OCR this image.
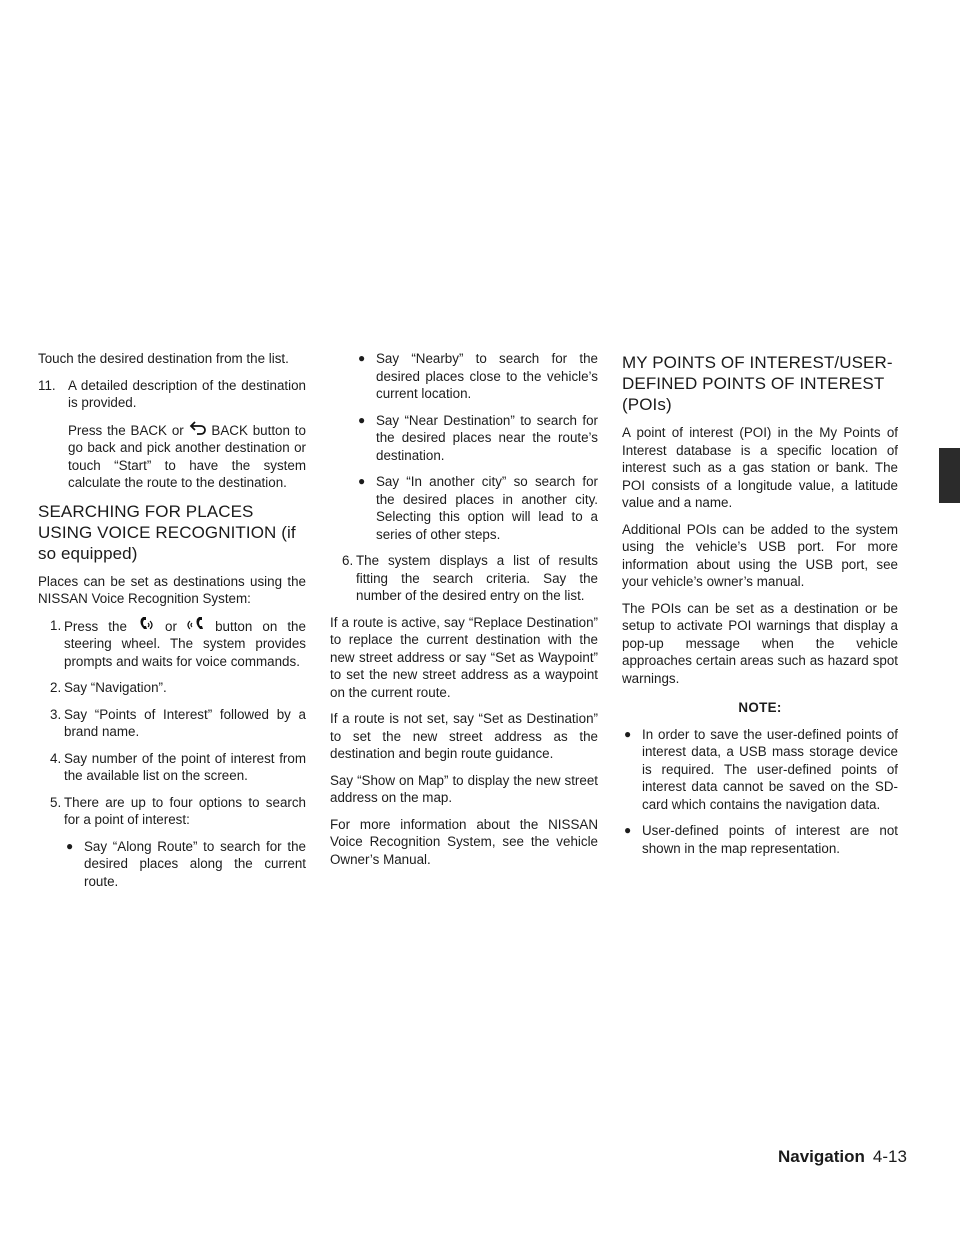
Touch the desired destination from the list.

11. A detailed description of the destination is provided.

Press the BACK or BACK button to go back and pick another destination or touch “Start” to have the system calculate the route to the destination.

SEARCHING FOR PLACES USING VOICE RECOGNITION (if so equipped)

Places can be set as destinations using the NISSAN Voice Recognition System:

1. Press the	or	button on the steering wheel. The system provides prompts and waits for voice commands.
2. Say “Navigation”.
3. Say “Points of Interest” followed by a brand name.
4. Say number of the point of interest from the available list on the screen.
5. There are up to four options to search for a point of interest:
● Say “Along Route” to search for the desired places along the current route.
● Say “Nearby” to search for the desired places close to the vehicle’s current location.
● Say “Near Destination” to search for the desired places near the route’s destination.
● Say “In another city” so search for the desired places in another city. Selecting this option will lead to a series of other steps.
6. The system displays a list of results fitting the search criteria. Say the number of the desired entry on the list.

If a route is active, say “Replace Destination” to replace the current destination with the new street address or say “Set as Waypoint” to set the new street address as a waypoint on the current route.

If a route is not set, say “Set as Destination” to set the new street address as the destination and begin route guidance.

Say “Show on Map” to display the new street address on the map.

For more information about the NISSAN Voice Recognition System, see the vehicle Owner’s Manual.

MY POINTS OF INTEREST/USER-DEFINED POINTS OF INTEREST (POIs)

A point of interest (POI) in the My Points of Interest database is a specific location of interest such as a gas station or bank. The POI consists of a longitude value, a latitude value and a name.

Additional POIs can be added to the system using the vehicle’s USB port. For more information about using the USB port, see your vehicle’s owner’s manual.

The POIs can be set as a destination or be setup to activate POI warnings that display a pop-up message when the vehicle approaches certain areas such as hazard spot warnings.

NOTE:
● In order to save the user-defined points of interest data, a USB mass storage device is required. The user-defined points of interest data cannot be saved on the SD-card which contains the navigation data.
● User-defined points of interest are not shown in the map representation.
Navigation 4-13
